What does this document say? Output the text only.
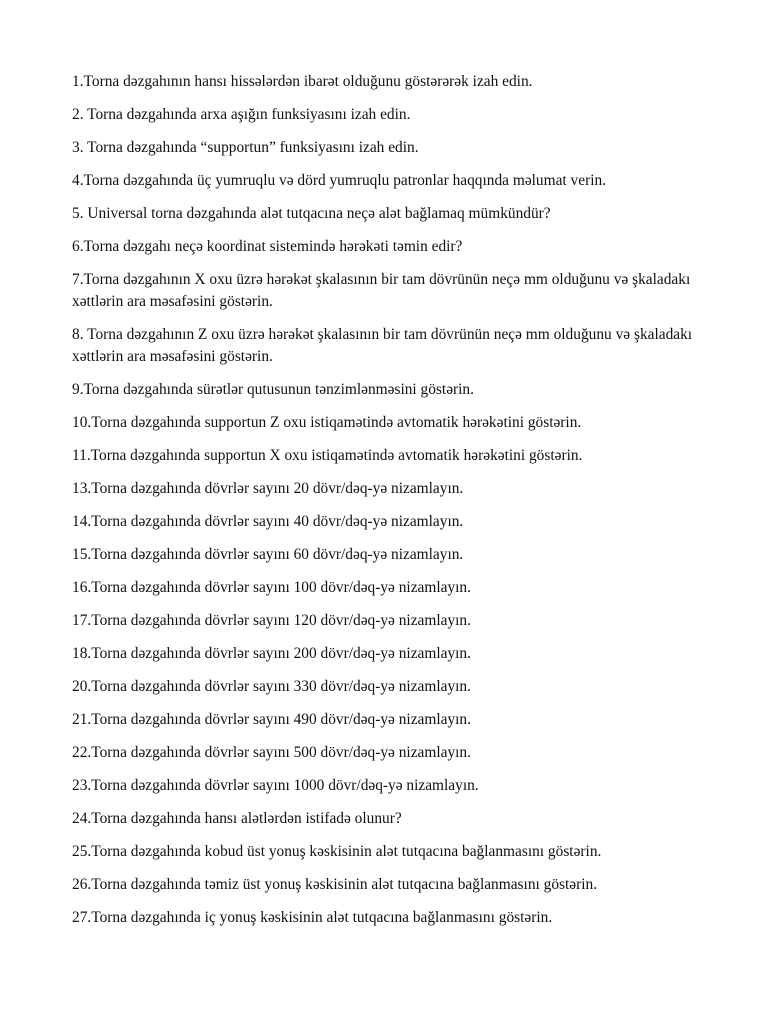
1.Torna dəzgahının hansı hissələrdən ibarət olduğunu göstərərək izah edin.

2. Torna dəzgahında arxa aşığın funksiyasını izah edin.

3. Torna dəzgahında “supportun” funksiyasını izah edin.

4.Torna dəzgahında üç yumruqlu və dörd yumruqlu patronlar haqqında məlumat verin.

5. Universal torna dəzgahında alət tutqacına neçə alət bağlamaq mümkündür?

6.Torna dəzgahı neçə koordinat sistemində hərəkəti təmin edir?

7.Torna dəzgahının X oxu üzrə hərəkət şkalasının bir tam dövrünün neçə mm olduğunu və şkaladakı xəttlərin ara məsafəsini göstərin.

8. Torna dəzgahının Z oxu üzrə hərəkət şkalasının bir tam dövrünün neçə mm olduğunu və şkaladakı xəttlərin ara məsafəsini göstərin.

9.Torna dəzgahında sürətlər qutusunun tənzimlənməsini göstərin.

10.Torna dəzgahında supportun Z oxu istiqamətində avtomatik hərəkətini göstərin.

11.Torna dəzgahında supportun X oxu istiqamətində avtomatik hərəkətini göstərin.

13.Torna dəzgahında dövrlər sayını 20 dövr/dəq-yə nizamlayın.

14.Torna dəzgahında dövrlər sayını 40 dövr/dəq-yə nizamlayın.

15.Torna dəzgahında dövrlər sayını 60 dövr/dəq-yə nizamlayın.

16.Torna dəzgahında dövrlər sayını 100 dövr/dəq-yə nizamlayın.

17.Torna dəzgahında dövrlər sayını 120 dövr/dəq-yə nizamlayın.

18.Torna dəzgahında dövrlər sayını 200 dövr/dəq-yə nizamlayın.

20.Torna dəzgahında dövrlər sayını 330 dövr/dəq-yə nizamlayın.

21.Torna dəzgahında dövrlər sayını 490 dövr/dəq-yə nizamlayın.

22.Torna dəzgahında dövrlər sayını 500 dövr/dəq-yə nizamlayın.

23.Torna dəzgahında dövrlər sayını 1000 dövr/dəq-yə nizamlayın.

24.Torna dəzgahında hansı alətlərdən istifadə olunur?

25.Torna dəzgahında kobud üst yonuş kəskisinin alət tutqacına bağlanmasını göstərin.

26.Torna dəzgahında təmiz üst yonuş kəskisinin alət tutqacına bağlanmasını göstərin.

27.Torna dəzgahında iç yonuş kəskisinin alət tutqacına bağlanmasını göstərin.
